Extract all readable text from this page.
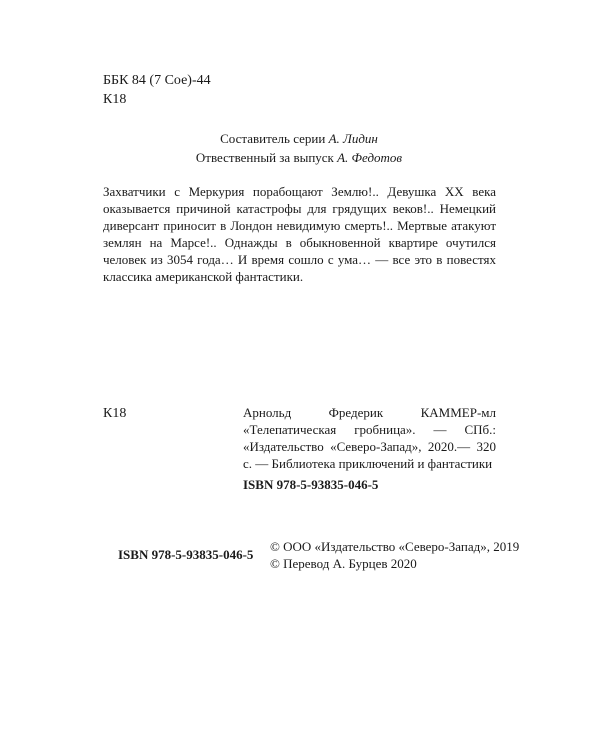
ББК 84 (7 Сое)-44
К18
Составитель серии А. Лидин
Отвественный за выпуск А. Федотов

Захватчики с Меркурия порабощают Землю!.. Девушка XX века оказывается причиной катастрофы для грядущих веков!.. Немецкий диверсант приносит в Лондон невидимую смерть!.. Мертвые атакуют землян на Марсе!.. Однажды в обыкновенной квартире очутился человек из 3054 года… И время сошло с ума… — все это в повестях классика американской фантастики.

К18	Арнольд Фредерик КАММЕР-мл «Телепатическая гробница». — СПб.: «Издательство «Северо-Запад», 2020.— 320 с. — Библиотека приключений и фантастики

ISBN 978-5-93835-046-5

ISBN 978-5-93835-046-5
© ООО «Издательство «Северо-Запад», 2019
© Перевод А. Бурцев 2020
